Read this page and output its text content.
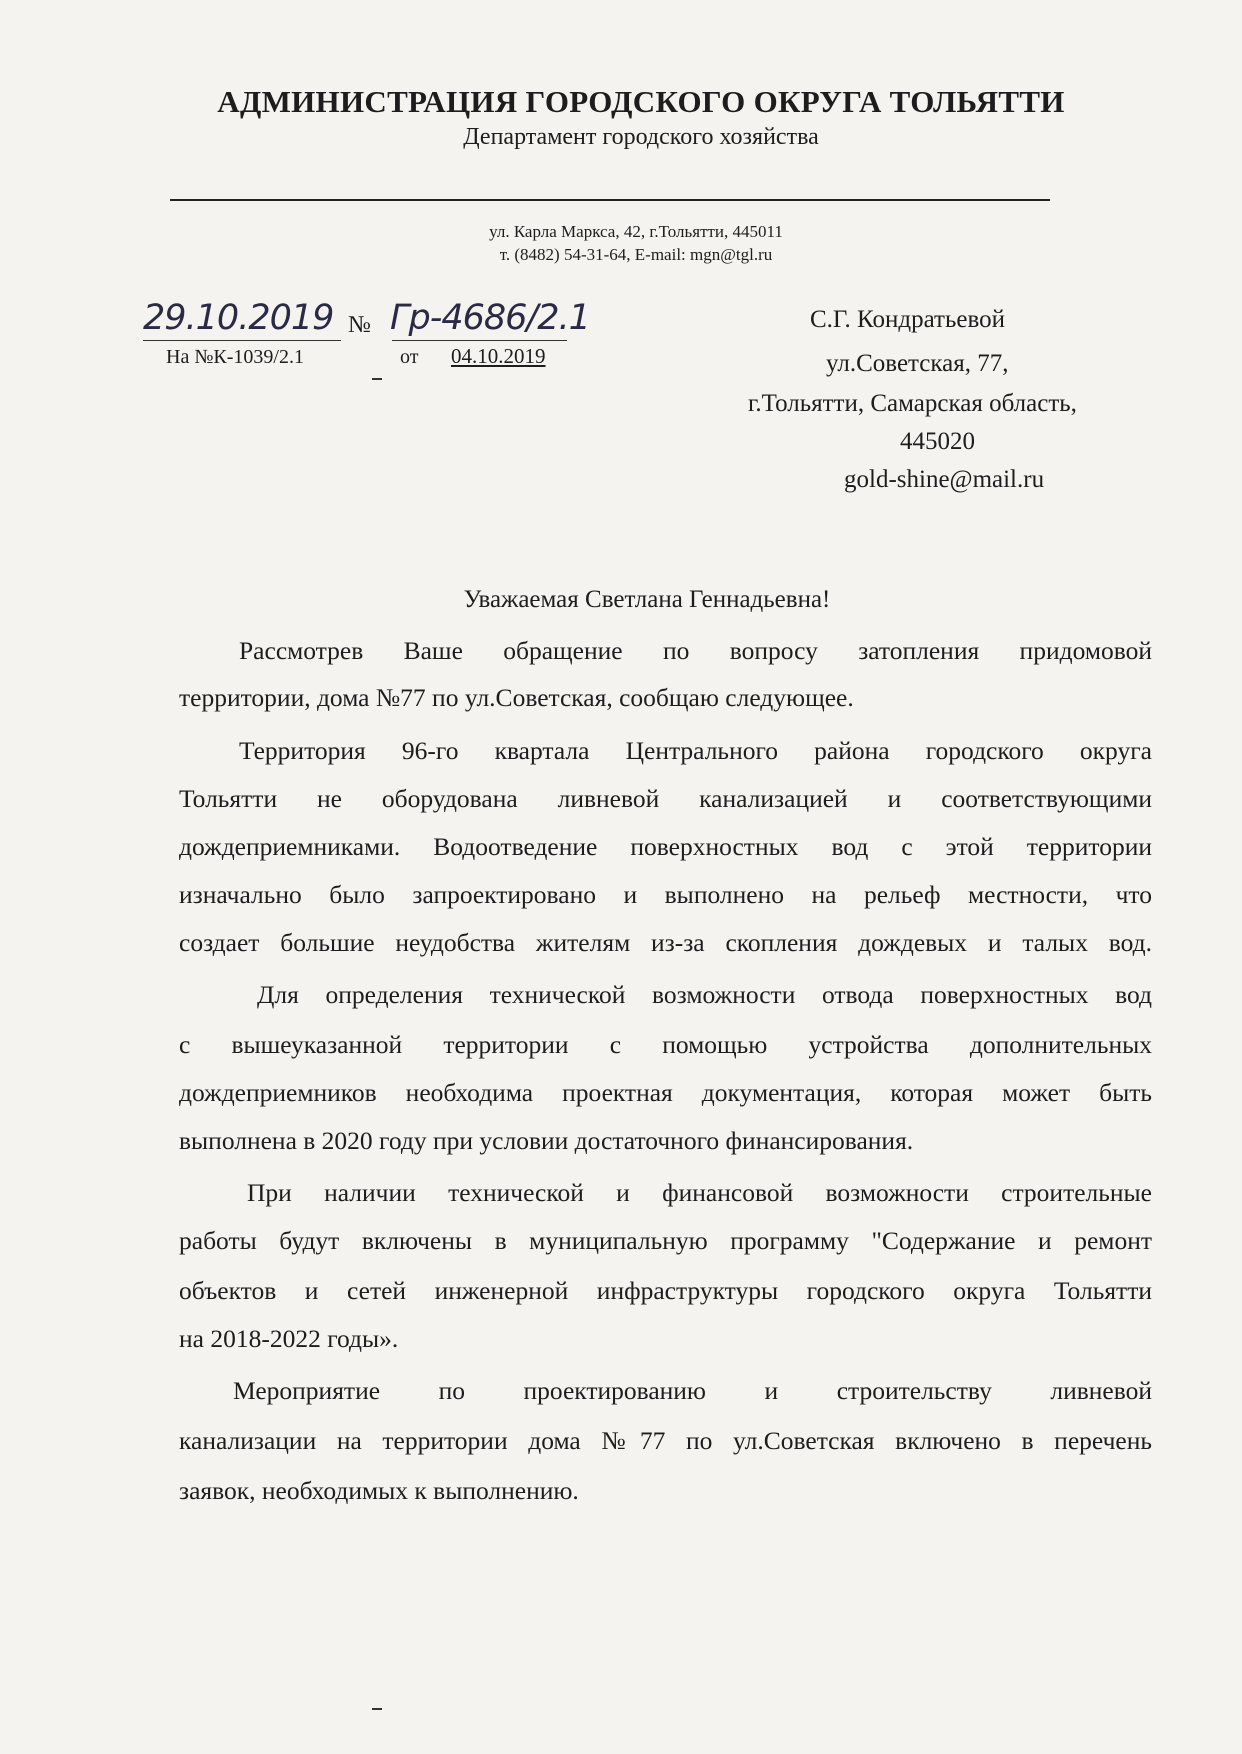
АДМИНИСТРАЦИЯ ГОРОДСКОГО ОКРУГА ТОЛЬЯТТИ

Департамент городского хозяйства

ул. Карла Маркса, 42, г.Тольятти, 445011

т. (8482) 54-31-64, E-mail: mgn@tgl.ru

29.10.2019 № Гр-4686/2.1

На №К-1039/2.1	от 04.10.2019

С.Г. Кондратьевой

ул.Советская, 77,

г.Тольятти, Самарская область,

445020

gold-shine@mail.ru

Уважаемая Светлана Геннадьевна!

Рассмотрев Ваше обращение по вопросу затопления придомовой
территории, дома №77 по ул.Советская, сообщаю следующее.
Территория 96-го квартала Центрального района городского округа
Тольятти не оборудована ливневой канализацией и соответствующими
дождеприемниками. Водоотведение поверхностных вод с этой территории
изначально было запроектировано и выполнено на рельеф местности, что
создает большие неудобства жителям из-за скопления дождевых и талых вод.
Для определения технической возможности отвода поверхностных вод
с вышеуказанной территории с помощью устройства дополнительных
дождеприемников необходима проектная документация, которая может быть
выполнена в 2020 году при условии достаточного финансирования.
При наличии технической и финансовой возможности строительные
работы будут включены в муниципальную программу "Содержание и ремонт
объектов и сетей инженерной инфраструктуры городского округа Тольятти
на 2018-2022 годы».
Мероприятие по проектированию и строительству ливневой
канализации на территории дома №77 по ул.Советская включено в перечень
заявок, необходимых к выполнению.
